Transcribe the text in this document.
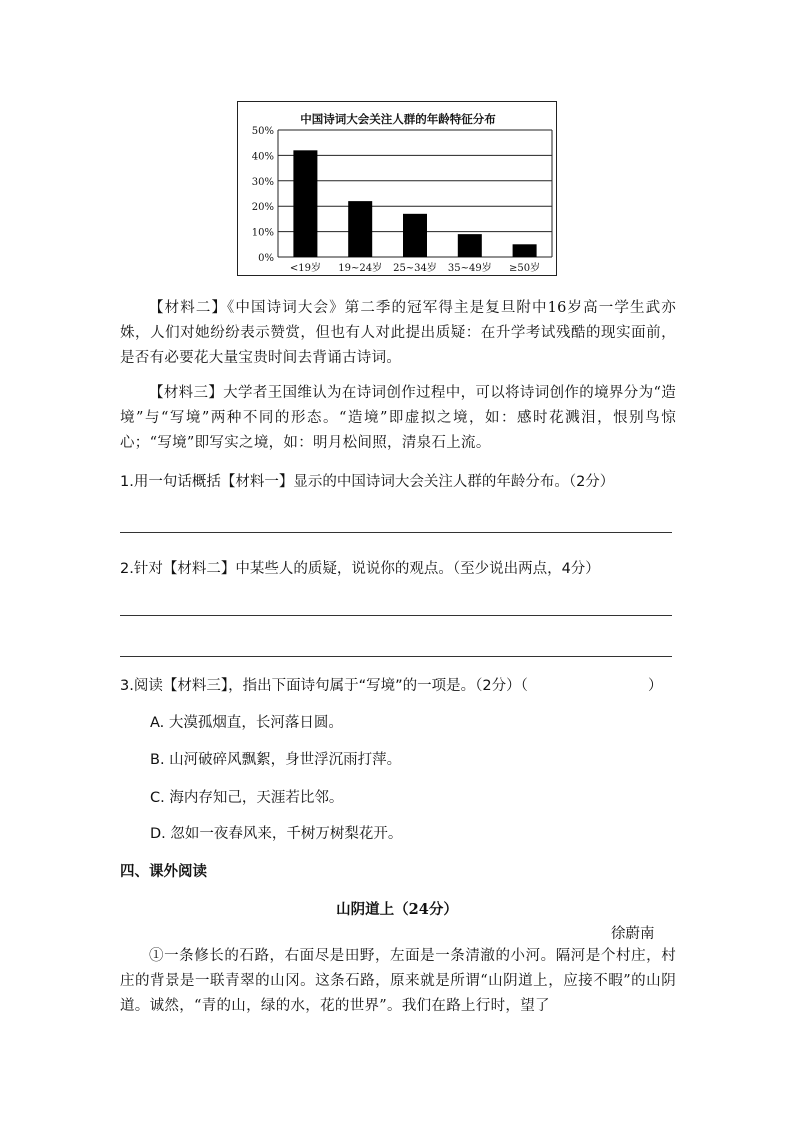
中国诗词大会关注人群的年龄特征分布
0%
10%
20%
30%
40%
50%
<19岁 19~24岁 25~34岁 35~49岁 ≥50岁
【材料二】《中国诗词大会》第二季的冠军得主是复旦附中16岁高一学生武亦姝，人们对她纷纷表示赞赏，但也有人对此提出质疑：在升学考试残酷的现实面前，是否有必要花大量宝贵时间去背诵古诗词。
【材料三】大学者王国维认为在诗词创作过程中，可以将诗词创作的境界分为“造境”与“写境”两种不同的形态。“造境”即虚拟之境，如：感时花溅泪，恨别鸟惊心；“写境”即写实之境，如：明月松间照，清泉石上流。
1.用一句话概括【材料一】显示的中国诗词大会关注人群的年龄分布。（2分）
2.针对【材料二】中某些人的质疑，说说你的观点。（至少说出两点，4分）
3.阅读【材料三】，指出下面诗句属于“写境”的一项是。（2分）（	）
A. 大漠孤烟直，长河落日圆。
B. 山河破碎风飘絮，身世浮沉雨打萍。
C. 海内存知己，天涯若比邻。
D. 忽如一夜春风来，千树万树梨花开。
四、课外阅读
山阴道上（24分）
徐蔚南
①一条修长的石路，右面尽是田野，左面是一条清澈的小河。隔河是个村庄，村庄的背景是一联青翠的山冈。这条石路，原来就是所谓“山阴道上，应接不暇”的山阴道。诚然，“青的山，绿的水，花的世界”。我们在路上行时，望了
